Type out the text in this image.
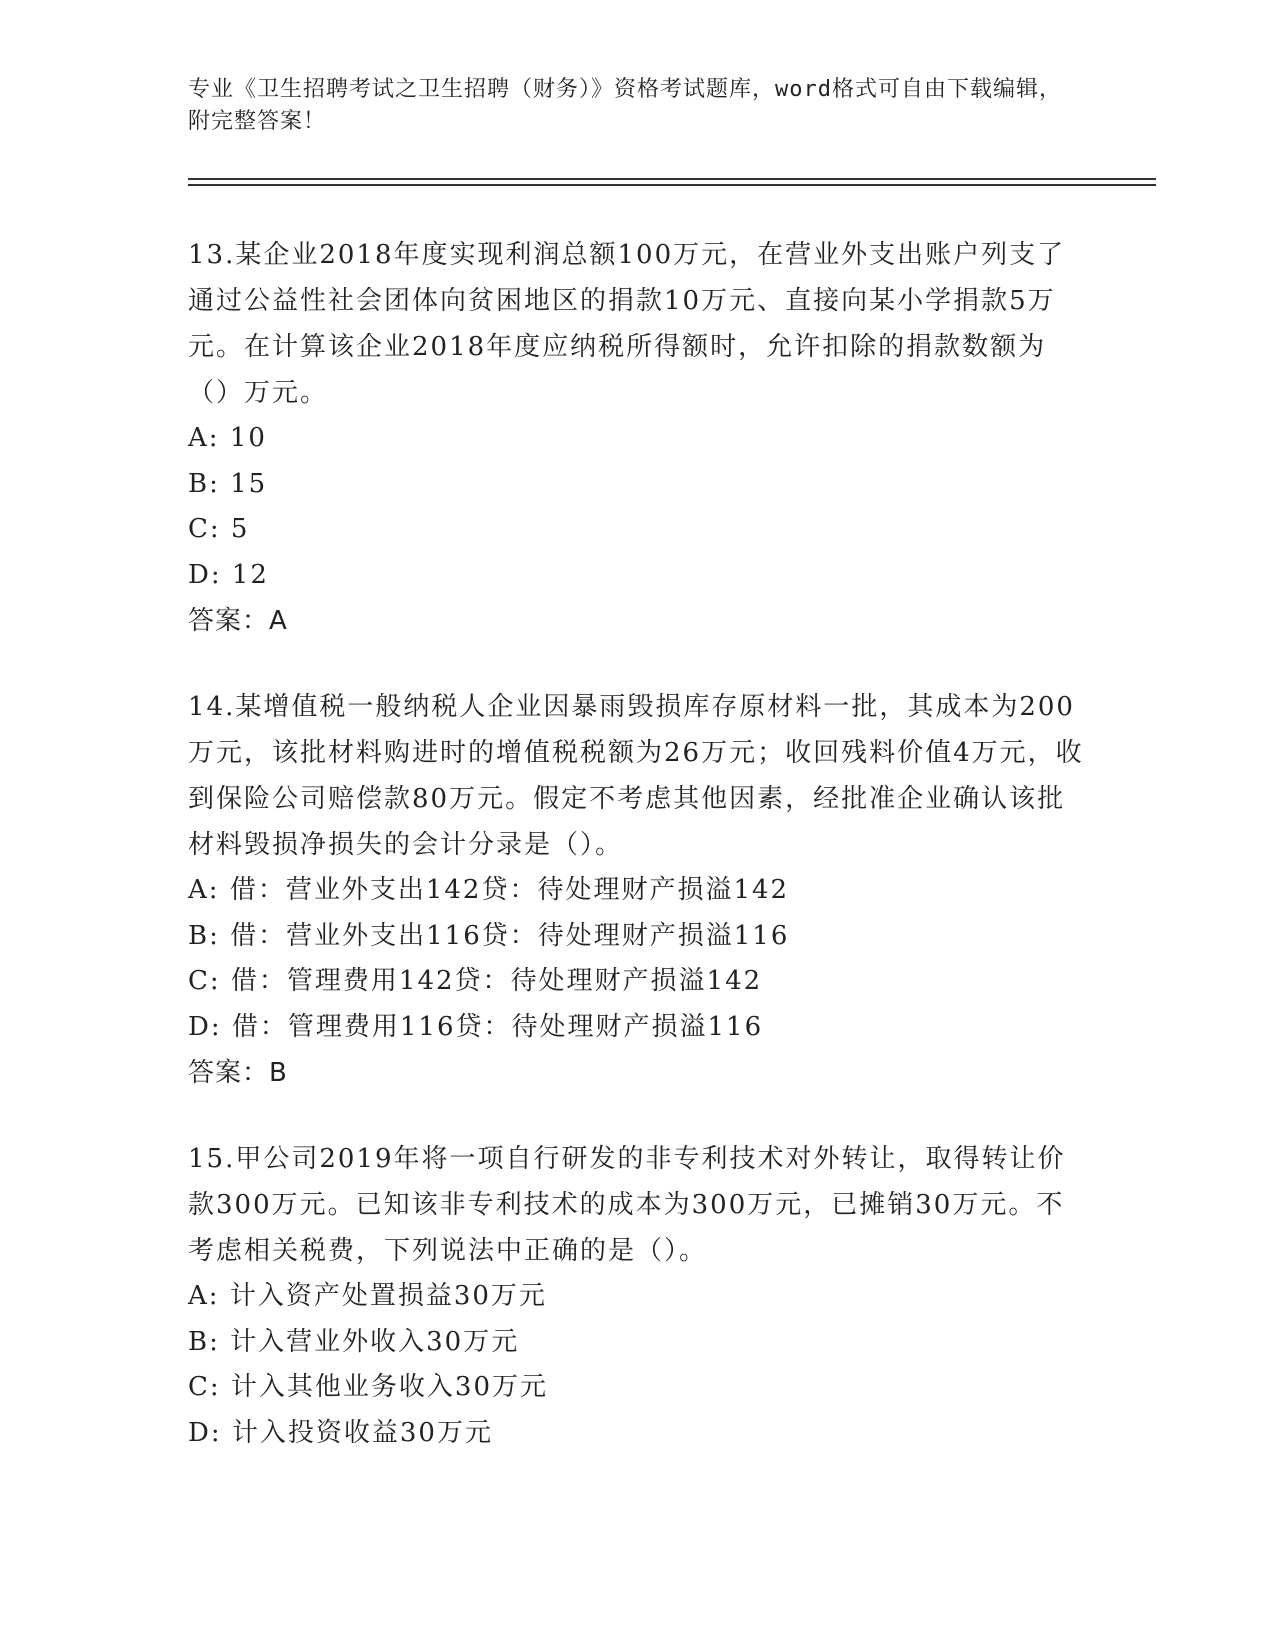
专业《卫生招聘考试之卫生招聘（财务）》资格考试题库，word格式可自由下载编辑，附完整答案！

13.某企业2018年度实现利润总额100万元，在营业外支出账户列支了通过公益性社会团体向贫困地区的捐款10万元、直接向某小学捐款5万元。在计算该企业2018年度应纳税所得额时，允许扣除的捐款数额为（）万元。

A: 10

B: 15

C: 5

D: 12

答案：A

14.某增值税一般纳税人企业因暴雨毁损库存原材料一批，其成本为200万元，该批材料购进时的增值税税额为26万元；收回残料价值4万元，收到保险公司赔偿款80万元。假定不考虑其他因素，经批准企业确认该批材料毁损净损失的会计分录是（）。

A: 借：营业外支出142贷：待处理财产损溢142

B: 借：营业外支出116贷：待处理财产损溢116

C: 借：管理费用142贷：待处理财产损溢142

D: 借：管理费用116贷：待处理财产损溢116

答案：B

15.甲公司2019年将一项自行研发的非专利技术对外转让，取得转让价款300万元。已知该非专利技术的成本为300万元，已摊销30万元。不考虑相关税费，下列说法中正确的是（）。

A: 计入资产处置损益30万元

B: 计入营业外收入30万元

C: 计入其他业务收入30万元

D: 计入投资收益30万元
